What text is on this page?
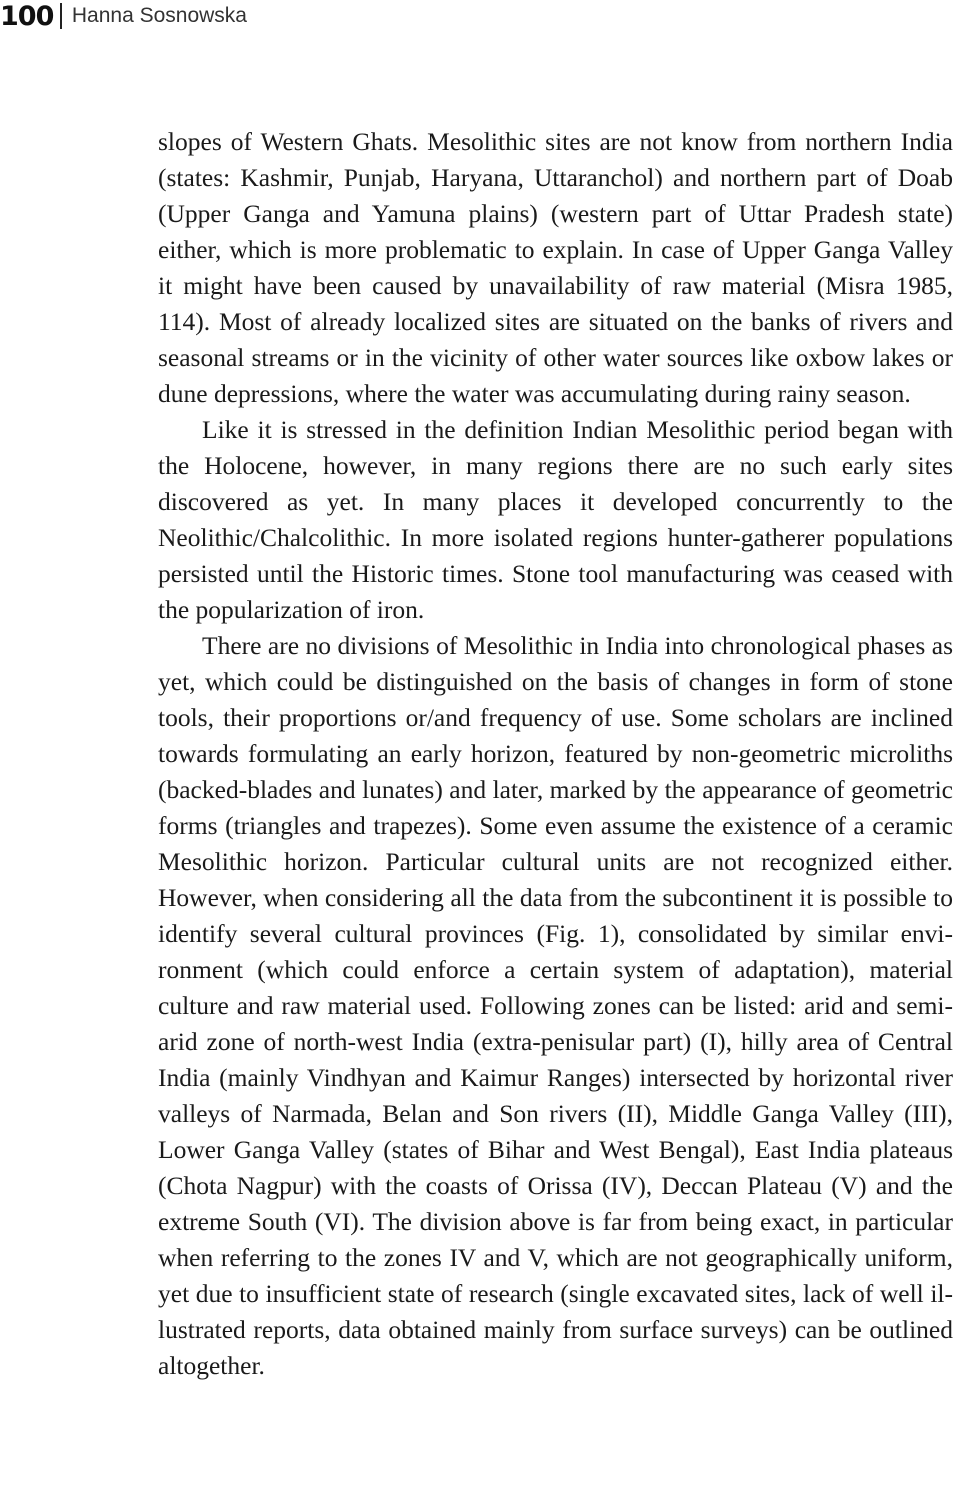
100 Hanna Sosnowska

slopes of Western Ghats. Mesolithic sites are not know from northern India (states: Kashmir, Punjab, Haryana, Uttaranchol) and northern part of Doab (Upper Ganga and Yamuna plains) (western part of Uttar Pradesh state) either, which is more problematic to explain. In case of Upper Ganga Valley it might have been caused by unavailability of raw material (Misra 1985, 114). Most of already localized sites are situated on the banks of rivers and seasonal streams or in the vicinity of other water sources like oxbow lakes or dune depressions, where the water was accumulating during rainy season.

Like it is stressed in the definition Indian Mesolithic period began with the Holocene, however, in many regions there are no such early sites discovered as yet. In many places it developed concurrently to the Neolithic/Chalcolithic. In more isolated regions hunter-gatherer populations persisted until the Historic times. Stone tool manufacturing was ceased with the popularization of iron.

There are no divisions of Mesolithic in India into chronological phases as yet, which could be distinguished on the basis of changes in form of stone tools, their proportions or/and frequency of use. Some scholars are inclined towards formulating an early horizon, featured by non-geometric microliths (backed-blades and lunates) and later, marked by the appearance of geometric forms (triangles and trapezes). Some even assume the existence of a ceramic Mesolithic horizon. Particular cultural units are not recognized either. However, when considering all the data from the subcontinent it is possible to identify several cultural provinces (Fig. 1), consolidated by similar environment (which could enforce a certain system of adaptation), material culture and raw material used. Following zones can be listed: arid and semi-arid zone of north-west India (extra-penisular part) (I), hilly area of Central India (mainly Vindhyan and Kaimur Ranges) intersected by horizontal river valleys of Narmada, Belan and Son rivers (II), Middle Ganga Valley (III), Lower Ganga Valley (states of Bihar and West Bengal), East India plateaus (Chota Nagpur) with the coasts of Orissa (IV), Deccan Plateau (V) and the extreme South (VI). The division above is far from being exact, in particular when referring to the zones IV and V, which are not geographically uniform, yet due to insufficient state of research (single excavated sites, lack of well illustrated reports, data obtained mainly from surface surveys) can be outlined altogether.
